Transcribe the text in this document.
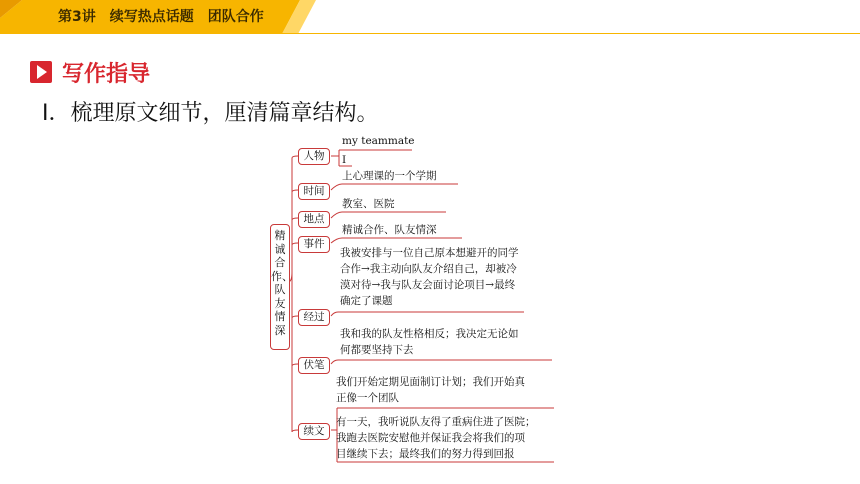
第3讲　续写热点话题　团队合作
写作指导
Ⅰ．梳理原文细节，厘清篇章结构。
精诚合作、队友情深
人物
my teammate
I
时间
上心理课的一个学期
地点
教室、医院
事件
精诚合作、队友情深
经过
我被安排与一位自己原本想避开的同学
合作→我主动向队友介绍自己，却被冷
漠对待→我与队友会面讨论项目→最终
确定了课题
伏笔
我和我的队友性格相反；我决定无论如
何都要坚持下去
续文
我们开始定期见面制订计划；我们开始真
正像一个团队
有一天，我听说队友得了重病住进了医院；
我跑去医院安慰他并保证我会将我们的项
目继续下去；最终我们的努力得到回报
